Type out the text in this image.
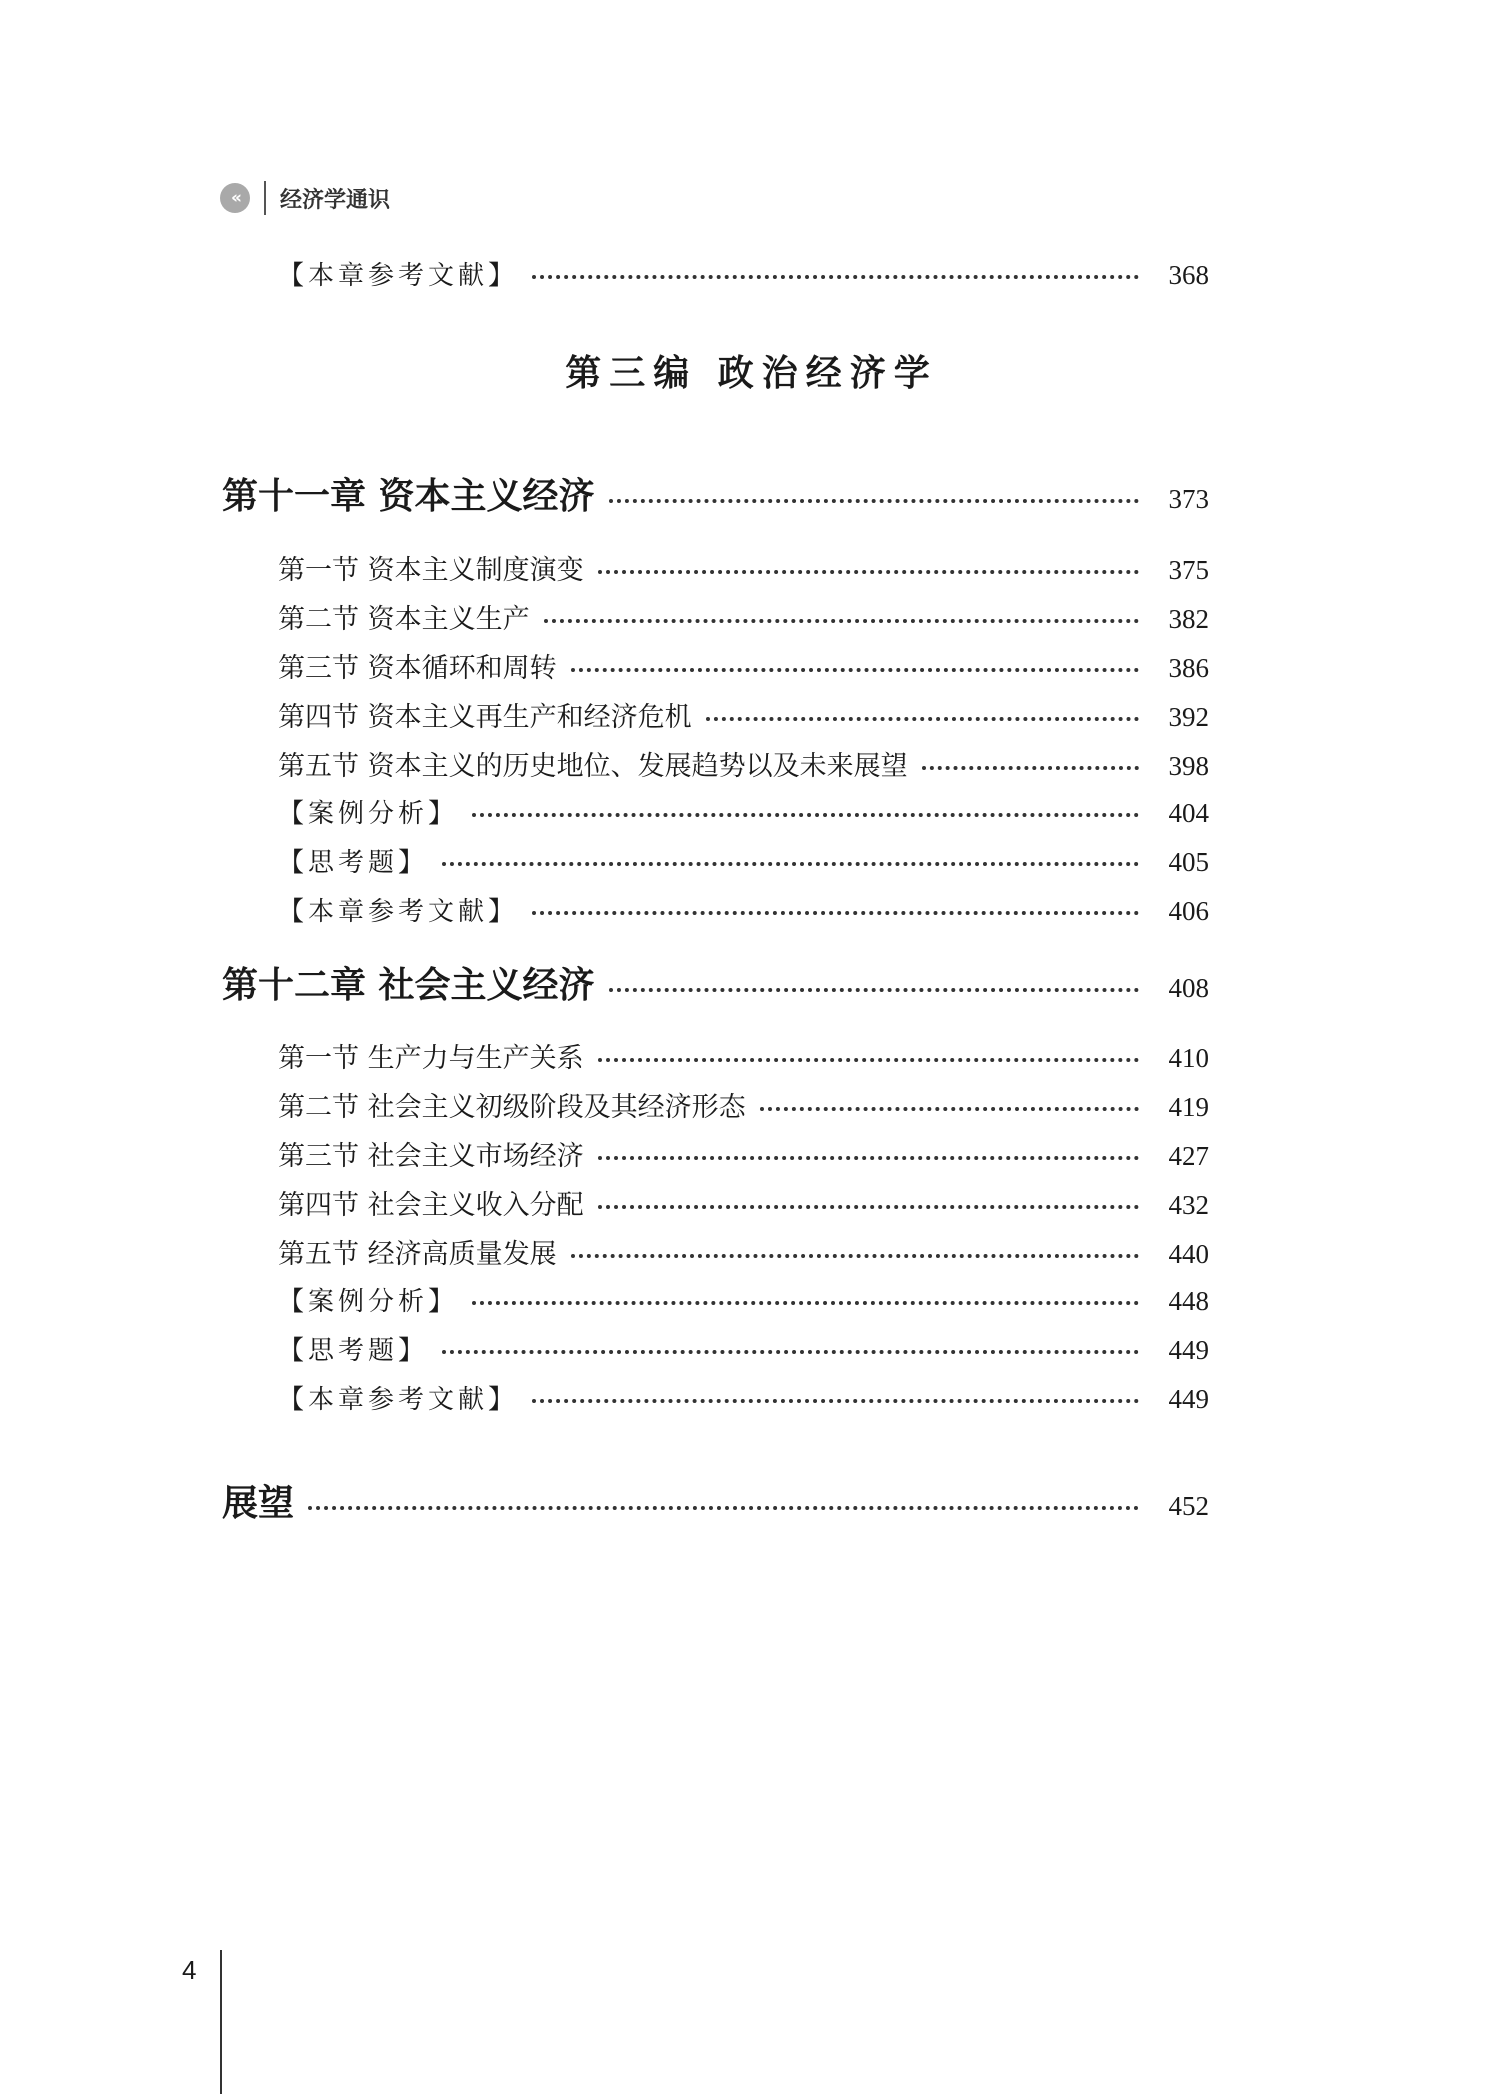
«	经济学通识
【本章参考文献】	368
第三编 政治经济学
第十一章 资本主义经济	373
第一节 资本主义制度演变	375
第二节 资本主义生产	382
第三节 资本循环和周转	386
第四节 资本主义再生产和经济危机	392
第五节 资本主义的历史地位、发展趋势以及未来展望	398
【案例分析】	404
【思考题】	405
【本章参考文献】	406
第十二章 社会主义经济	408
第一节 生产力与生产关系	410
第二节 社会主义初级阶段及其经济形态	419
第三节 社会主义市场经济	427
第四节 社会主义收入分配	432
第五节 经济高质量发展	440
【案例分析】	448
【思考题】	449
【本章参考文献】	449
展望	452
4
